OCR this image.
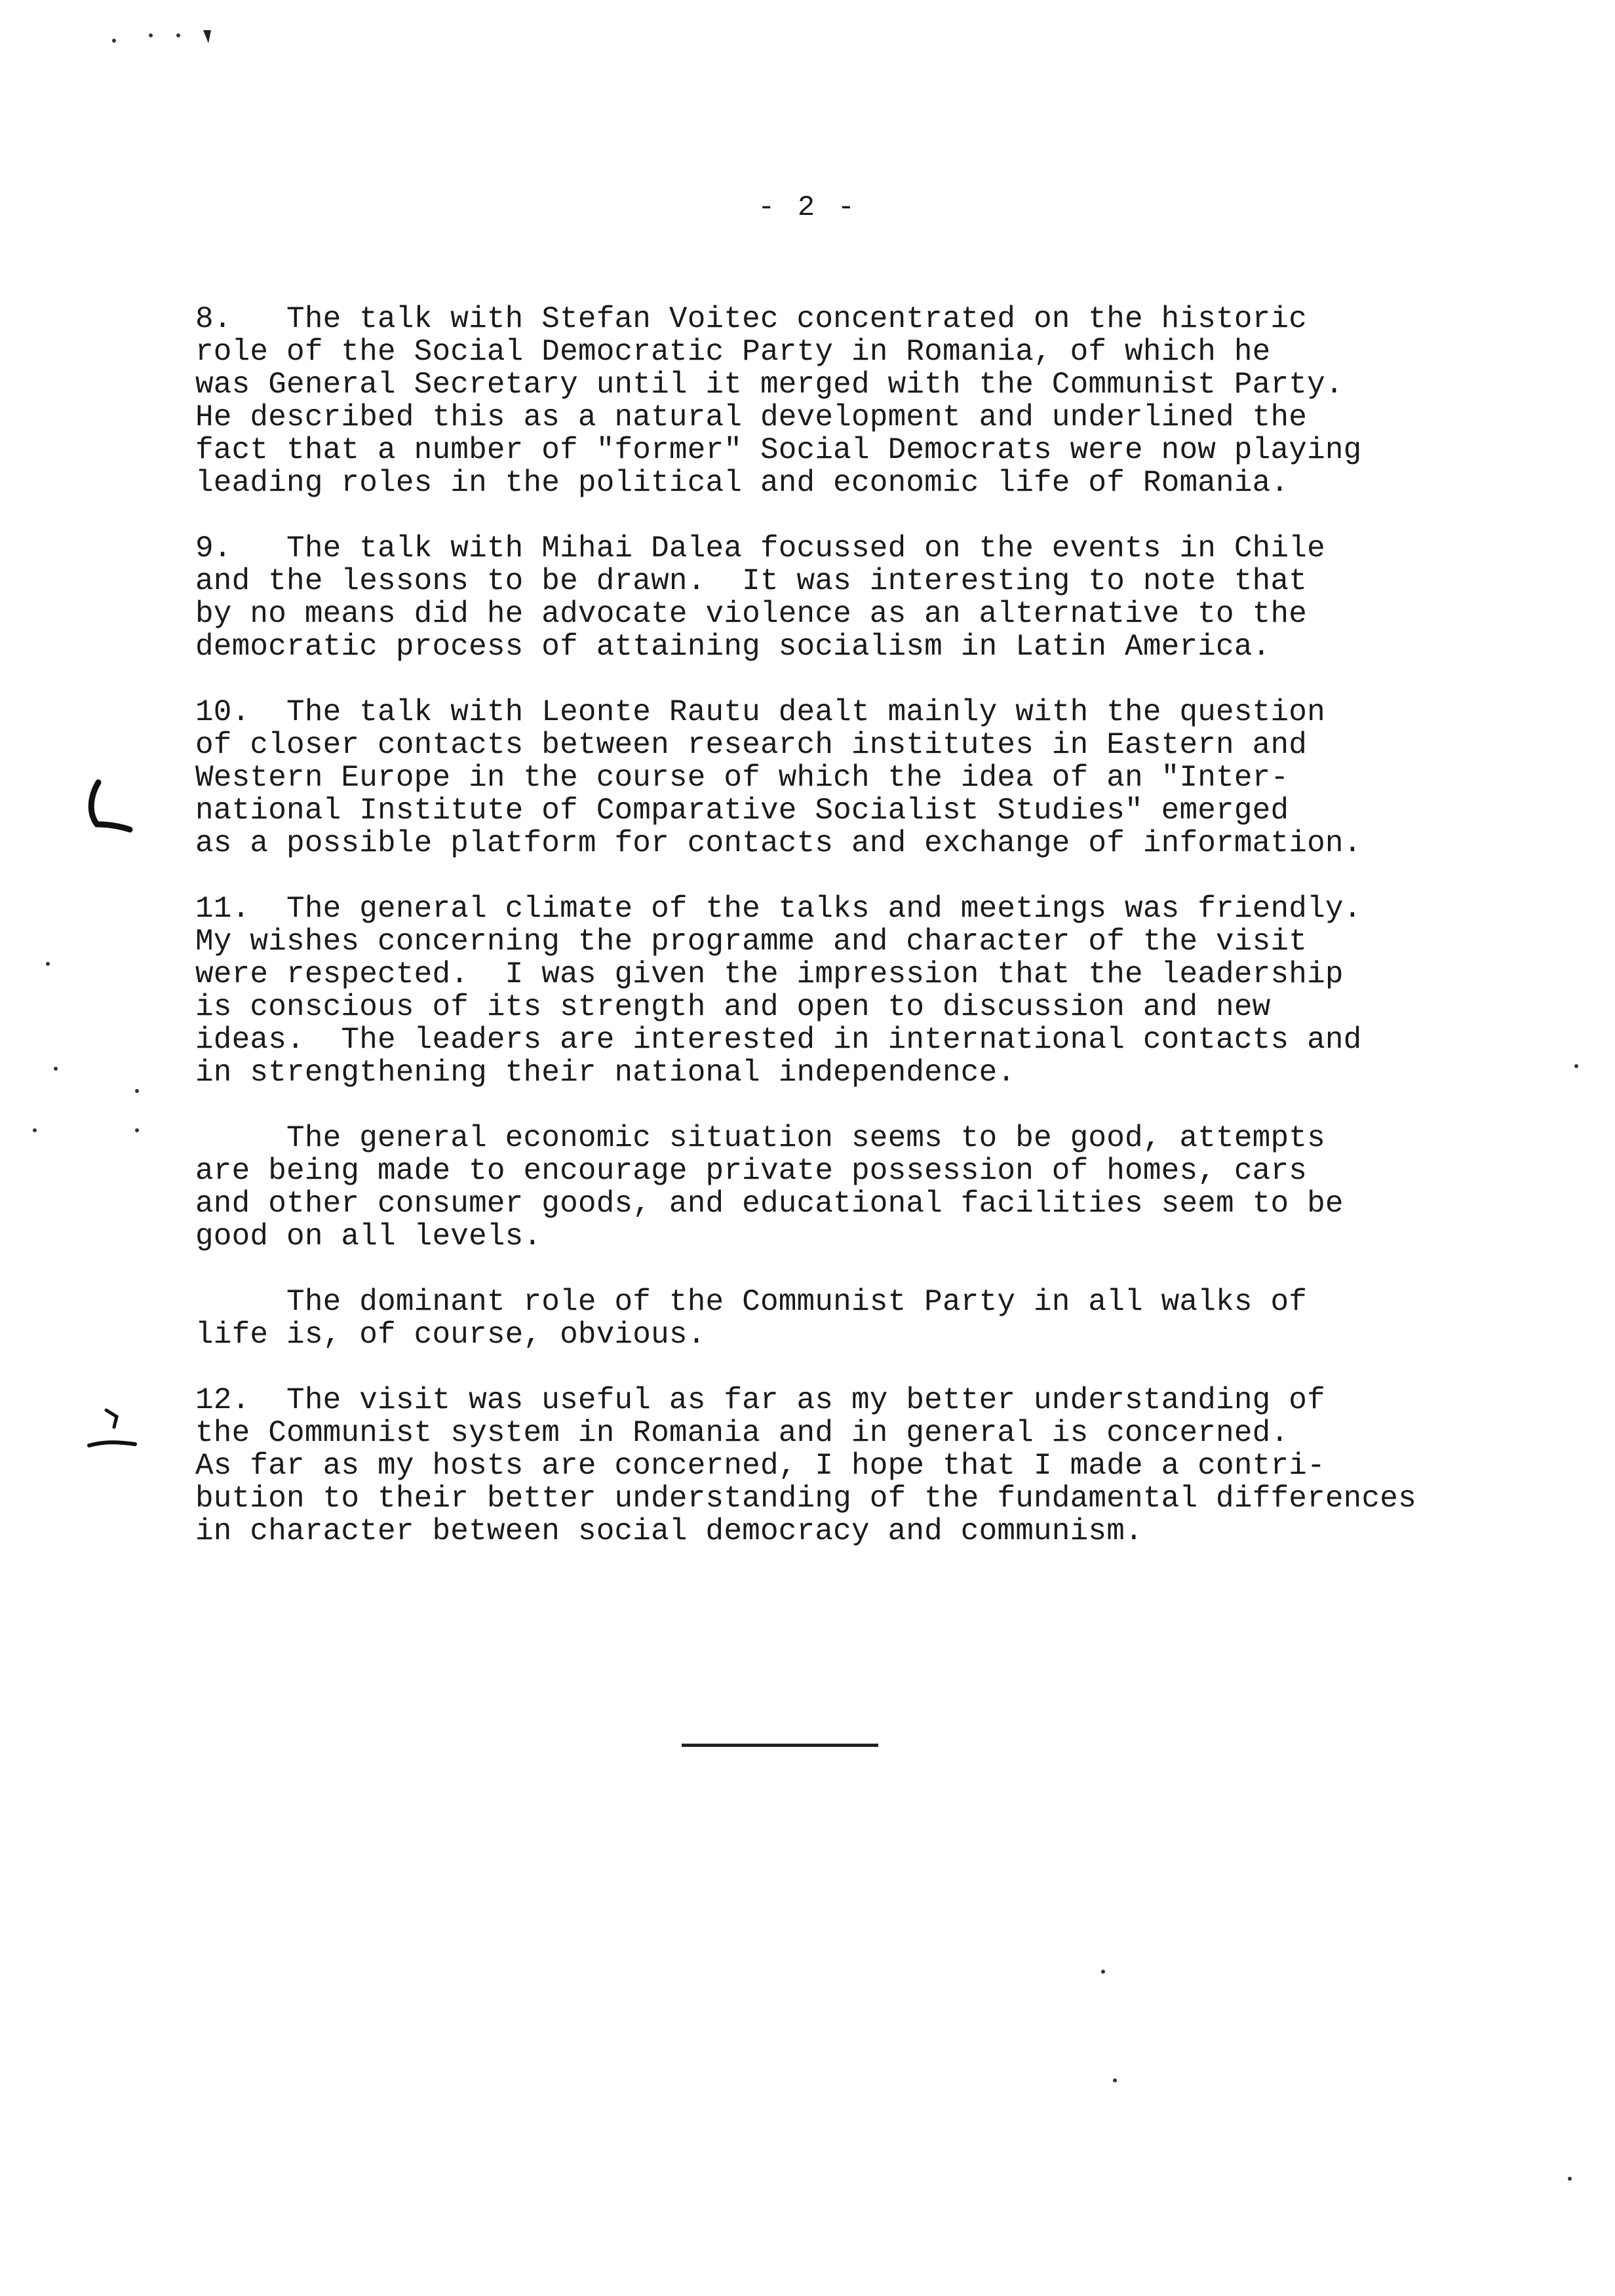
- 2 -
8.   The talk with Stefan Voitec concentrated on the historic
role of the Social Democratic Party in Romania, of which he
was General Secretary until it merged with the Communist Party.
He described this as a natural development and underlined the
fact that a number of "former" Social Democrats were now playing
leading roles in the political and economic life of Romania.
9.   The talk with Mihai Dalea focussed on the events in Chile
and the lessons to be drawn.  It was interesting to note that
by no means did he advocate violence as an alternative to the
democratic process of attaining socialism in Latin America.
10.  The talk with Leonte Rautu dealt mainly with the question
of closer contacts between research institutes in Eastern and
Western Europe in the course of which the idea of an "Inter-
national Institute of Comparative Socialist Studies" emerged
as a possible platform for contacts and exchange of information.
11.  The general climate of the talks and meetings was friendly.
My wishes concerning the programme and character of the visit
were respected.  I was given the impression that the leadership
is conscious of its strength and open to discussion and new
ideas.  The leaders are interested in international contacts and
in strengthening their national independence.
The general economic situation seems to be good, attempts
are being made to encourage private possession of homes, cars
and other consumer goods, and educational facilities seem to be
good on all levels.
The dominant role of the Communist Party in all walks of
life is, of course, obvious.
12.  The visit was useful as far as my better understanding of
the Communist system in Romania and in general is concerned.
As far as my hosts are concerned, I hope that I made a contri-
bution to their better understanding of the fundamental differences
in character between social democracy and communism.
